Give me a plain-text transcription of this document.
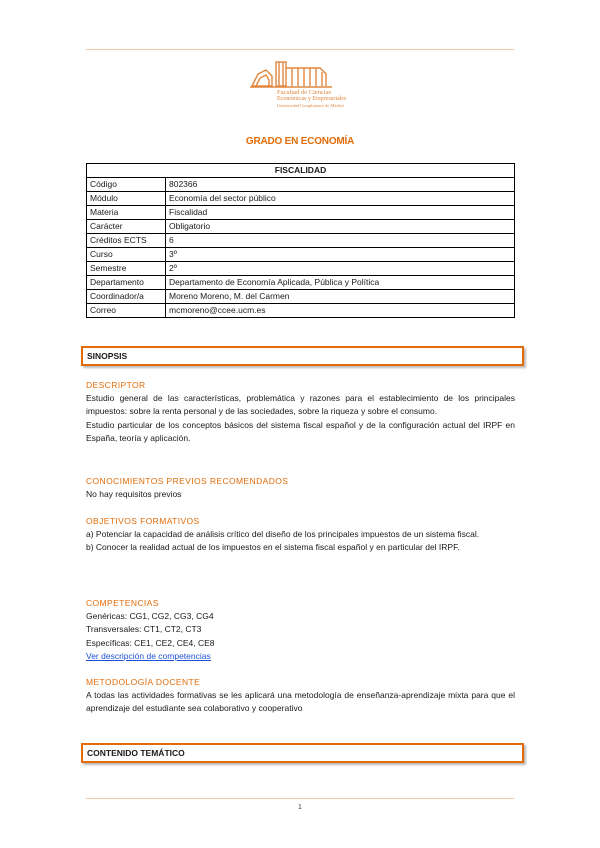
Facultad de Ciencias
Económicas y Empresariales
Universidad Complutense de Madrid
GRADO EN ECONOMÍA
FISCALIDAD	
Código	802366
Módulo	Economía del sector público
Materia	Fiscalidad
Carácter	Obligatorio
Créditos ECTS	6
Curso	3º
Semestre	2º
Departamento	Departamento de Economía Aplicada, Pública y Política
Coordinador/a	Moreno Moreno, M. del Carmen
Correo	mcmoreno@ccee.ucm.es
SINOPSIS
DESCRIPTOR
Estudio general de las características, problemática y razones para el establecimiento de los principales impuestos: sobre la renta personal y de las sociedades, sobre la riqueza y sobre el consumo.
Estudio particular de los conceptos básicos del sistema fiscal español y de la configuración actual del IRPF en España, teoría y aplicación.
CONOCIMIENTOS PREVIOS RECOMENDADOS
No hay requisitos previos
OBJETIVOS FORMATIVOS
a) Potenciar la capacidad de análisis crítico del diseño de los principales impuestos de un sistema fiscal.
b) Conocer la realidad actual de los impuestos en el sistema fiscal español y en particular del IRPF.
COMPETENCIAS
Genéricas: CG1, CG2, CG3, CG4
Transversales: CT1, CT2, CT3
Específicas: CE1, CE2, CE4, CE8
Ver descripción de competencias
METODOLOGÍA DOCENTE
A todas las actividades formativas se les aplicará una metodología de enseñanza-aprendizaje mixta para que el aprendizaje del estudiante sea colaborativo y cooperativo
CONTENIDO TEMÁTICO
1
